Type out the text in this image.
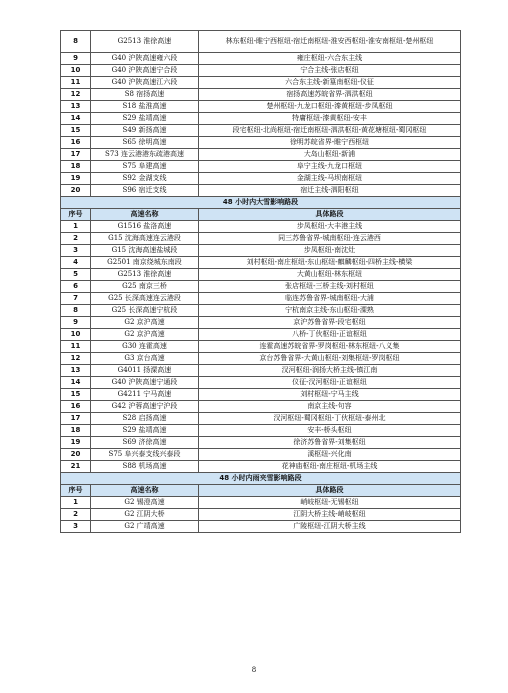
8	G2513 淮徐高速	林东枢纽-睢宁西枢纽-宿迁南枢纽-淮安西枢纽-淮安南枢纽-楚州枢纽
9	G40 沪陕高速雍六段	雍庄枢纽-六合东主线
10	G40 沪陕高速宁合段	宁合主线-张店枢纽
11	G40 沪陕高速江六段	六合东主线-新篁南枢纽-仪征
12	S8 宿扬高速	宿扬高速苏皖省界-泗洪枢纽
13	S18 盐淮高速	楚州枢纽-九龙口枢纽-溱黄枢纽-步凤枢纽
14	S29 盐靖高速	特庸枢纽-溱黄枢纽-安丰
15	S49 新扬高速	段宅枢纽-北尚枢纽-宿迁南枢纽-泗洪枢纽-黄花塘枢纽-蜀冈枢纽
16	S65 徐明高速	徐明苏皖省界-睢宁西枢纽
17	S73 连云港港东疏港高速	大岛山枢纽-新浦
18	S75 阜建高速	阜宁主线-九龙口枢纽
19	S92 金湖支线	金湖主线-马坝南枢纽
20	S96 宿迁支线	宿迁主线-泗阳枢纽
48 小时内大雪影响路段		
序号	高速名称	具体路段
1	G1516 盐洛高速	步凤枢纽-大丰港主线
2	G15 沈海高速连云港段	同三苏鲁省界-城南枢纽-连云港西
3	G15 沈海高速盐城段	步凤枢纽-南沈灶
4	G2501 南京绕城东南段	刘村枢纽-南庄枢纽-东山枢纽-麒麟枢纽-四桥主线-横梁
5	G2513 淮徐高速	大黄山枢纽-林东枢纽
6	G25 南京三桥	张店枢纽-三桥主线-刘村枢纽
7	G25 长深高速连云港段	临连苏鲁省界-城南枢纽-大浦
8	G25 长深高速宁杭段	宁杭南京主线-东山枢纽-溧熟
9	G2 京沪高速	京沪苏鲁省界-段宅枢纽
10	G2 京沪高速	八桥-丁伙枢纽-正谊枢纽
11	G30 连霍高速	连霍高速苏皖省界-罗岗枢纽-林东枢纽-八义集
12	G3 京台高速	京台苏鲁省界-大黄山枢纽-刘集枢纽-罗岗枢纽
13	G4011 扬溧高速	汊河枢纽-润扬大桥主线-镇江南
14	G40 沪陕高速宁通段	仪征-汊河枢纽-正谊枢纽
15	G4211 宁马高速	刘村枢纽-宁马主线
16	G42 沪蓉高速宁沪段	南京主线-句容
17	S28 启扬高速	汊河枢纽-蜀冈枢纽-丁伙枢纽-泰州北
18	S29 盐靖高速	安丰-桥头枢纽
19	S69 济徐高速	徐济苏鲁省界-刘集枢纽
20	S75 阜兴泰支线兴泰段	溪枢纽-兴化南
21	S88 机场高速	花神庙枢纽-南庄枢纽-机场主线
48 小时内雨夹雪影响路段		
序号	高速名称	具体路段
1	G2 锡澄高速	峭岐枢纽-无锡枢纽
2	G2 江阴大桥	江阴大桥主线-峭岐枢纽
3	G2 广靖高速	广陵枢纽-江阴大桥主线
8
